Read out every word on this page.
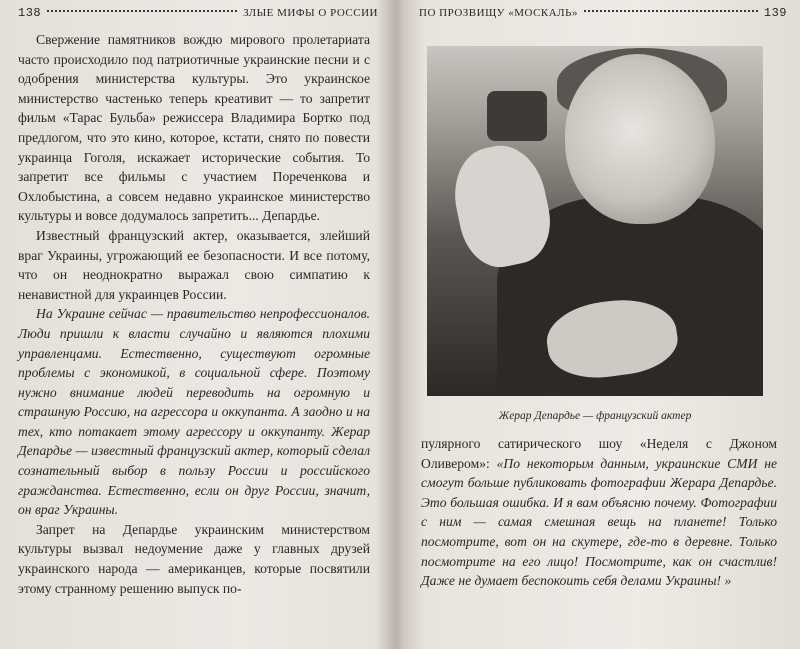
138	ЗЛЫЕ МИФЫ О РОССИИ

Свержение памятников вождю мирового пролетариата часто происходило под патриотичные украинские песни и с одобрения министерства культуры. Это украинское министерство частенько теперь креативит — то запретит фильм «Тарас Бульба» режиссера Владимира Бортко под предлогом, что это кино, которое, кстати, снято по повести украинца Гоголя, искажает исторические события. То запретит все фильмы с участием Пореченкова и Охлобыстина, а совсем недавно украинское министерство культуры и вовсе додумалось запретить... Депардье.

Известный французский актер, оказывается, злейший враг Украины, угрожающий ее безопасности. И все потому, что он неоднократно выражал свою симпатию к ненавистной для украинцев России.

На Украине сейчас — правительство непрофессионалов. Люди пришли к власти случайно и являются плохими управленцами. Естественно, существуют огромные проблемы с экономикой, в социальной сфере. Поэтому нужно внимание людей переводить на огромную и страшную Россию, на агрессора и оккупанта. А заодно и на тех, кто потакает этому агрессору и оккупанту. Жерар Депардье — известный французский актер, который сделал сознательный выбор в пользу России и российского гражданства. Естественно, если он друг России, значит, он враг Украины.

Запрет на Депардье украинским министерством культуры вызвал недоумение даже у главных друзей украинского народа — американцев, которые посвятили этому странному решению выпуск по-

ПО ПРОЗВИЩУ «МОСКАЛЬ»	139
Жерар Депардье — французский актер

пулярного сатирического шоу «Неделя с Джоном Оливером»: «По некоторым данным, украинские СМИ не смогут больше публиковать фотографии Жерара Депардье. Это большая ошибка. И я вам объясню почему. Фотографии с ним — самая смешная вещь на планете! Только посмотрите, вот он на скутере, где-то в деревне. Только посмотрите на его лицо! Посмотрите, как он счастлив! Даже не думает беспокоить себя делами Украины! »
